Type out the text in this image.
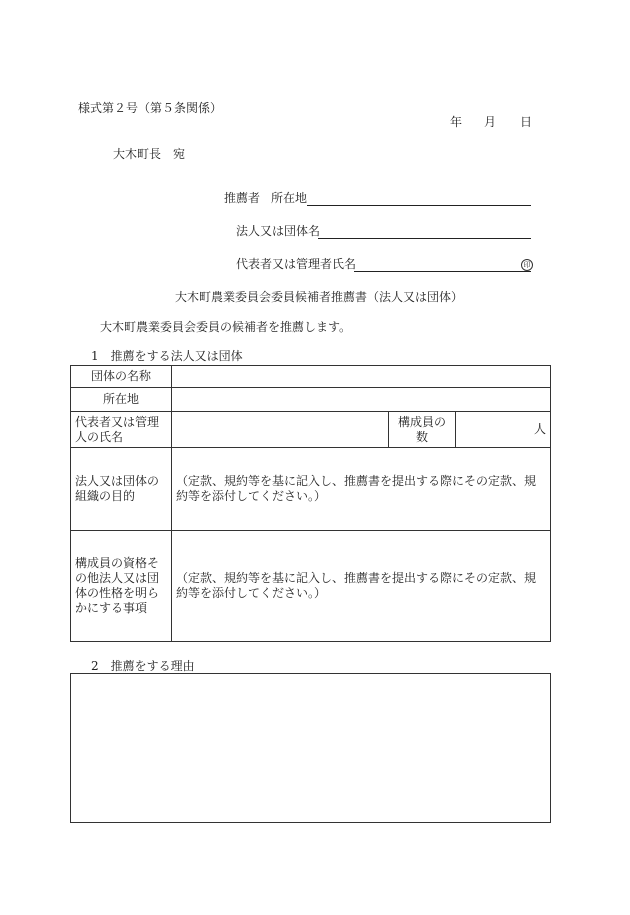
様式第２号（第５条関係）
年 月 日
大木町長　宛
推薦者 所在地
法人又は団体名
代表者又は管理者氏名	印
大木町農業委員会委員候補者推薦書（法人又は団体）
大木町農業委員会委員の候補者を推薦します。
1　推薦をする法人又は団体
団体の名称			
所在地			
代表者又は管理人の氏名		構成員の数	人
法人又は団体の組織の目的	（定款、規約等を基に記入し、推薦書を提出する際にその定款、規約等を添付してください。）		
構成員の資格その他法人又は団体の性格を明らかにする事項	（定款、規約等を基に記入し、推薦書を提出する際にその定款、規約等を添付してください。）		
2　推薦をする理由
